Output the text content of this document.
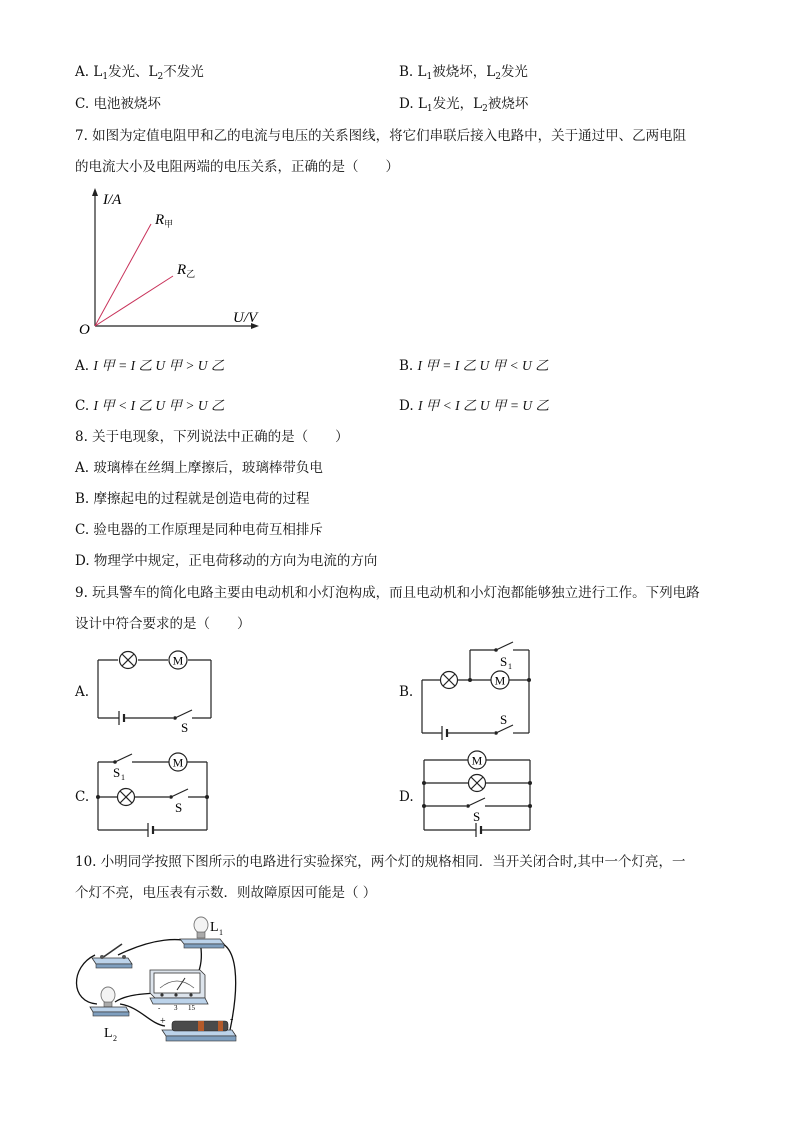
A. $L_1$发光、$L_2$不发光	B. $L_1$被烧坏，$L_2$发光
C. 电池被烧坏	D. $L_1$发光，$L_2$被烧坏
7. 如图为定值电阻甲和乙的电流与电压的关系图线，将它们串联后接入电路中，关于通过甲、乙两电阻
的电流大小及电阻两端的电压关系，正确的是（　　）
I/A
U/V
O
$R_甲$
$R_乙$
A. I 甲 = I 乙 U 甲 > U 乙	B. I 甲 = I 乙 U 甲 < U 乙
C. I 甲 < I 乙 U 甲 > U 乙	D. I 甲 < I 乙 U 甲 = U 乙
8. 关于电现象，下列说法中正确的是（　　）
A. 玻璃棒在丝绸上摩擦后，玻璃棒带负电
B. 摩擦起电的过程就是创造电荷的过程
C. 验电器的工作原理是同种电荷互相排斥
D. 物理学中规定，正电荷移动的方向为电流的方向
9. 玩具警车的简化电路主要由电动机和小灯泡构成，而且电动机和小灯泡都能够独立进行工作。下列电路
设计中符合要求的是（　　）
A.
M
S
B.
S 1
M
S
C.
S 1
M
S
D.
M
S
10. 小明同学按照下图所示的电路进行实验探究，两个灯的规格相同．当开关闭合时,其中一个灯亮，一
个灯不亮，电压表有示数．则故障原因可能是（ ）
L 1
- 3 15
L 2
+	-
